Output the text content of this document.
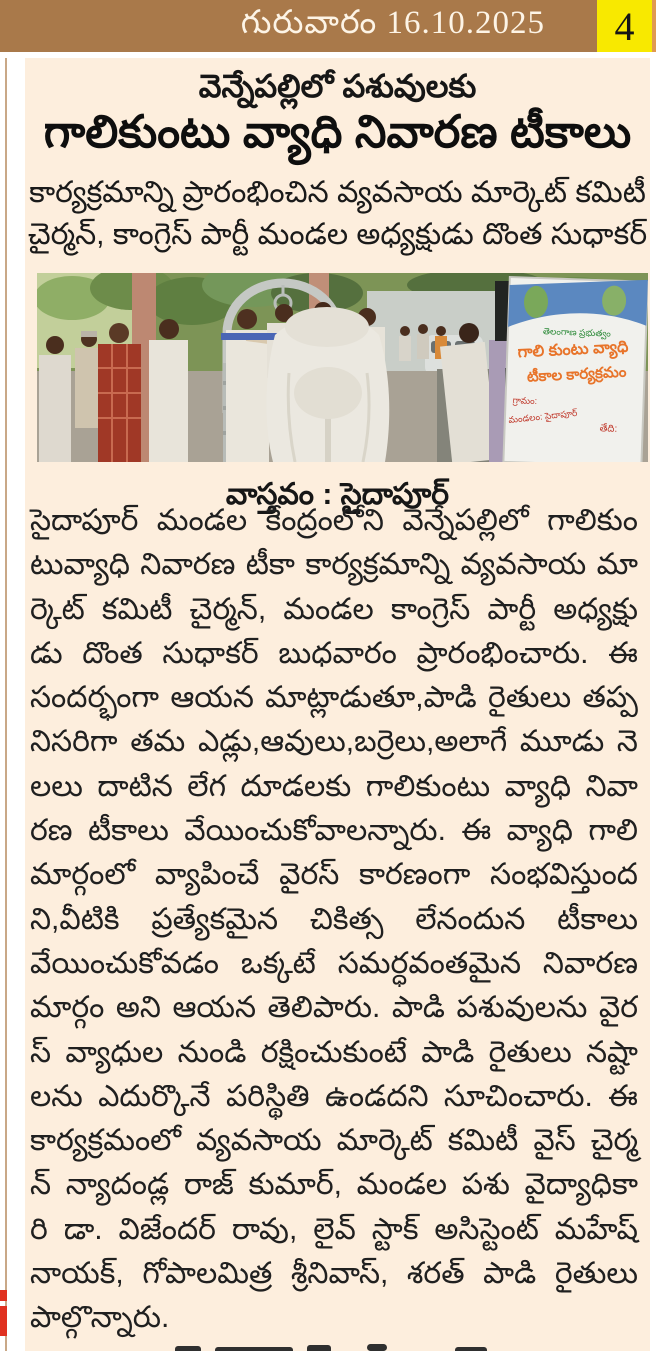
గురువారం 16.10.2025 4
వెన్నేపల్లిలో పశువులకు
గాలికుంటు వ్యాధి నివారణ టీకాలు
కార్యక్రమాన్ని ప్రారంభించిన వ్యవసాయ మార్కెట్ కమిటీ
చైర్మన్, కాంగ్రెస్ పార్టీ మండల అధ్యక్షుడు దొంత సుధాకర్
తెలంగాణ ప్రభుత్వం
గాలి కుంటు వ్యాధి
టీకాల కార్యక్రమం
గ్రామం:
మండలం: సైదాపూర్
తేది:
వాస్తవం : సైదాపూర్
సైదాపూర్ మండల కేంద్రంలోని వెన్నేపల్లిలో గాలికుం
టువ్యాధి నివారణ టీకా కార్యక్రమాన్ని వ్యవసాయ మా
ర్కెట్ కమిటీ చైర్మన్, మండల కాంగ్రెస్ పార్టీ అధ్యక్షు
డు దొంత సుధాకర్ బుధవారం ప్రారంభించారు. ఈ
సందర్భంగా ఆయన మాట్లాడుతూ,పాడి రైతులు తప్ప
నిసరిగా తమ ఎడ్లు,ఆవులు,బర్రెలు,అలాగే మూడు నె
లలు దాటిన లేగ దూడలకు గాలికుంటు వ్యాధి నివా
రణ టీకాలు వేయించుకోవాలన్నారు. ఈ వ్యాధి గాలి
మార్గంలో వ్యాపించే వైరస్ కారణంగా సంభవిస్తుంద
ని,వీటికి ప్రత్యేకమైన చికిత్స లేనందున టీకాలు
వేయించుకోవడం ఒక్కటే సమర్ధవంతమైన నివారణ
మార్గం అని ఆయన తెలిపారు. పాడి పశువులను వైర
స్ వ్యాధుల నుండి రక్షించుకుంటే పాడి రైతులు నష్టా
లను ఎదుర్కొనే పరిస్థితి ఉండదని సూచించారు. ఈ
కార్యక్రమంలో వ్యవసాయ మార్కెట్ కమిటీ వైస్ చైర్మ
న్ న్యాదండ్ల రాజ్ కుమార్, మండల పశు వైద్యాధికా
రి డా. విజేందర్ రావు, లైవ్ స్టాక్ అసిస్టెంట్ మహేష్
నాయక్, గోపాలమిత్ర శ్రీనివాస్, శరత్ పాడి రైతులు
పాల్గొన్నారు.
